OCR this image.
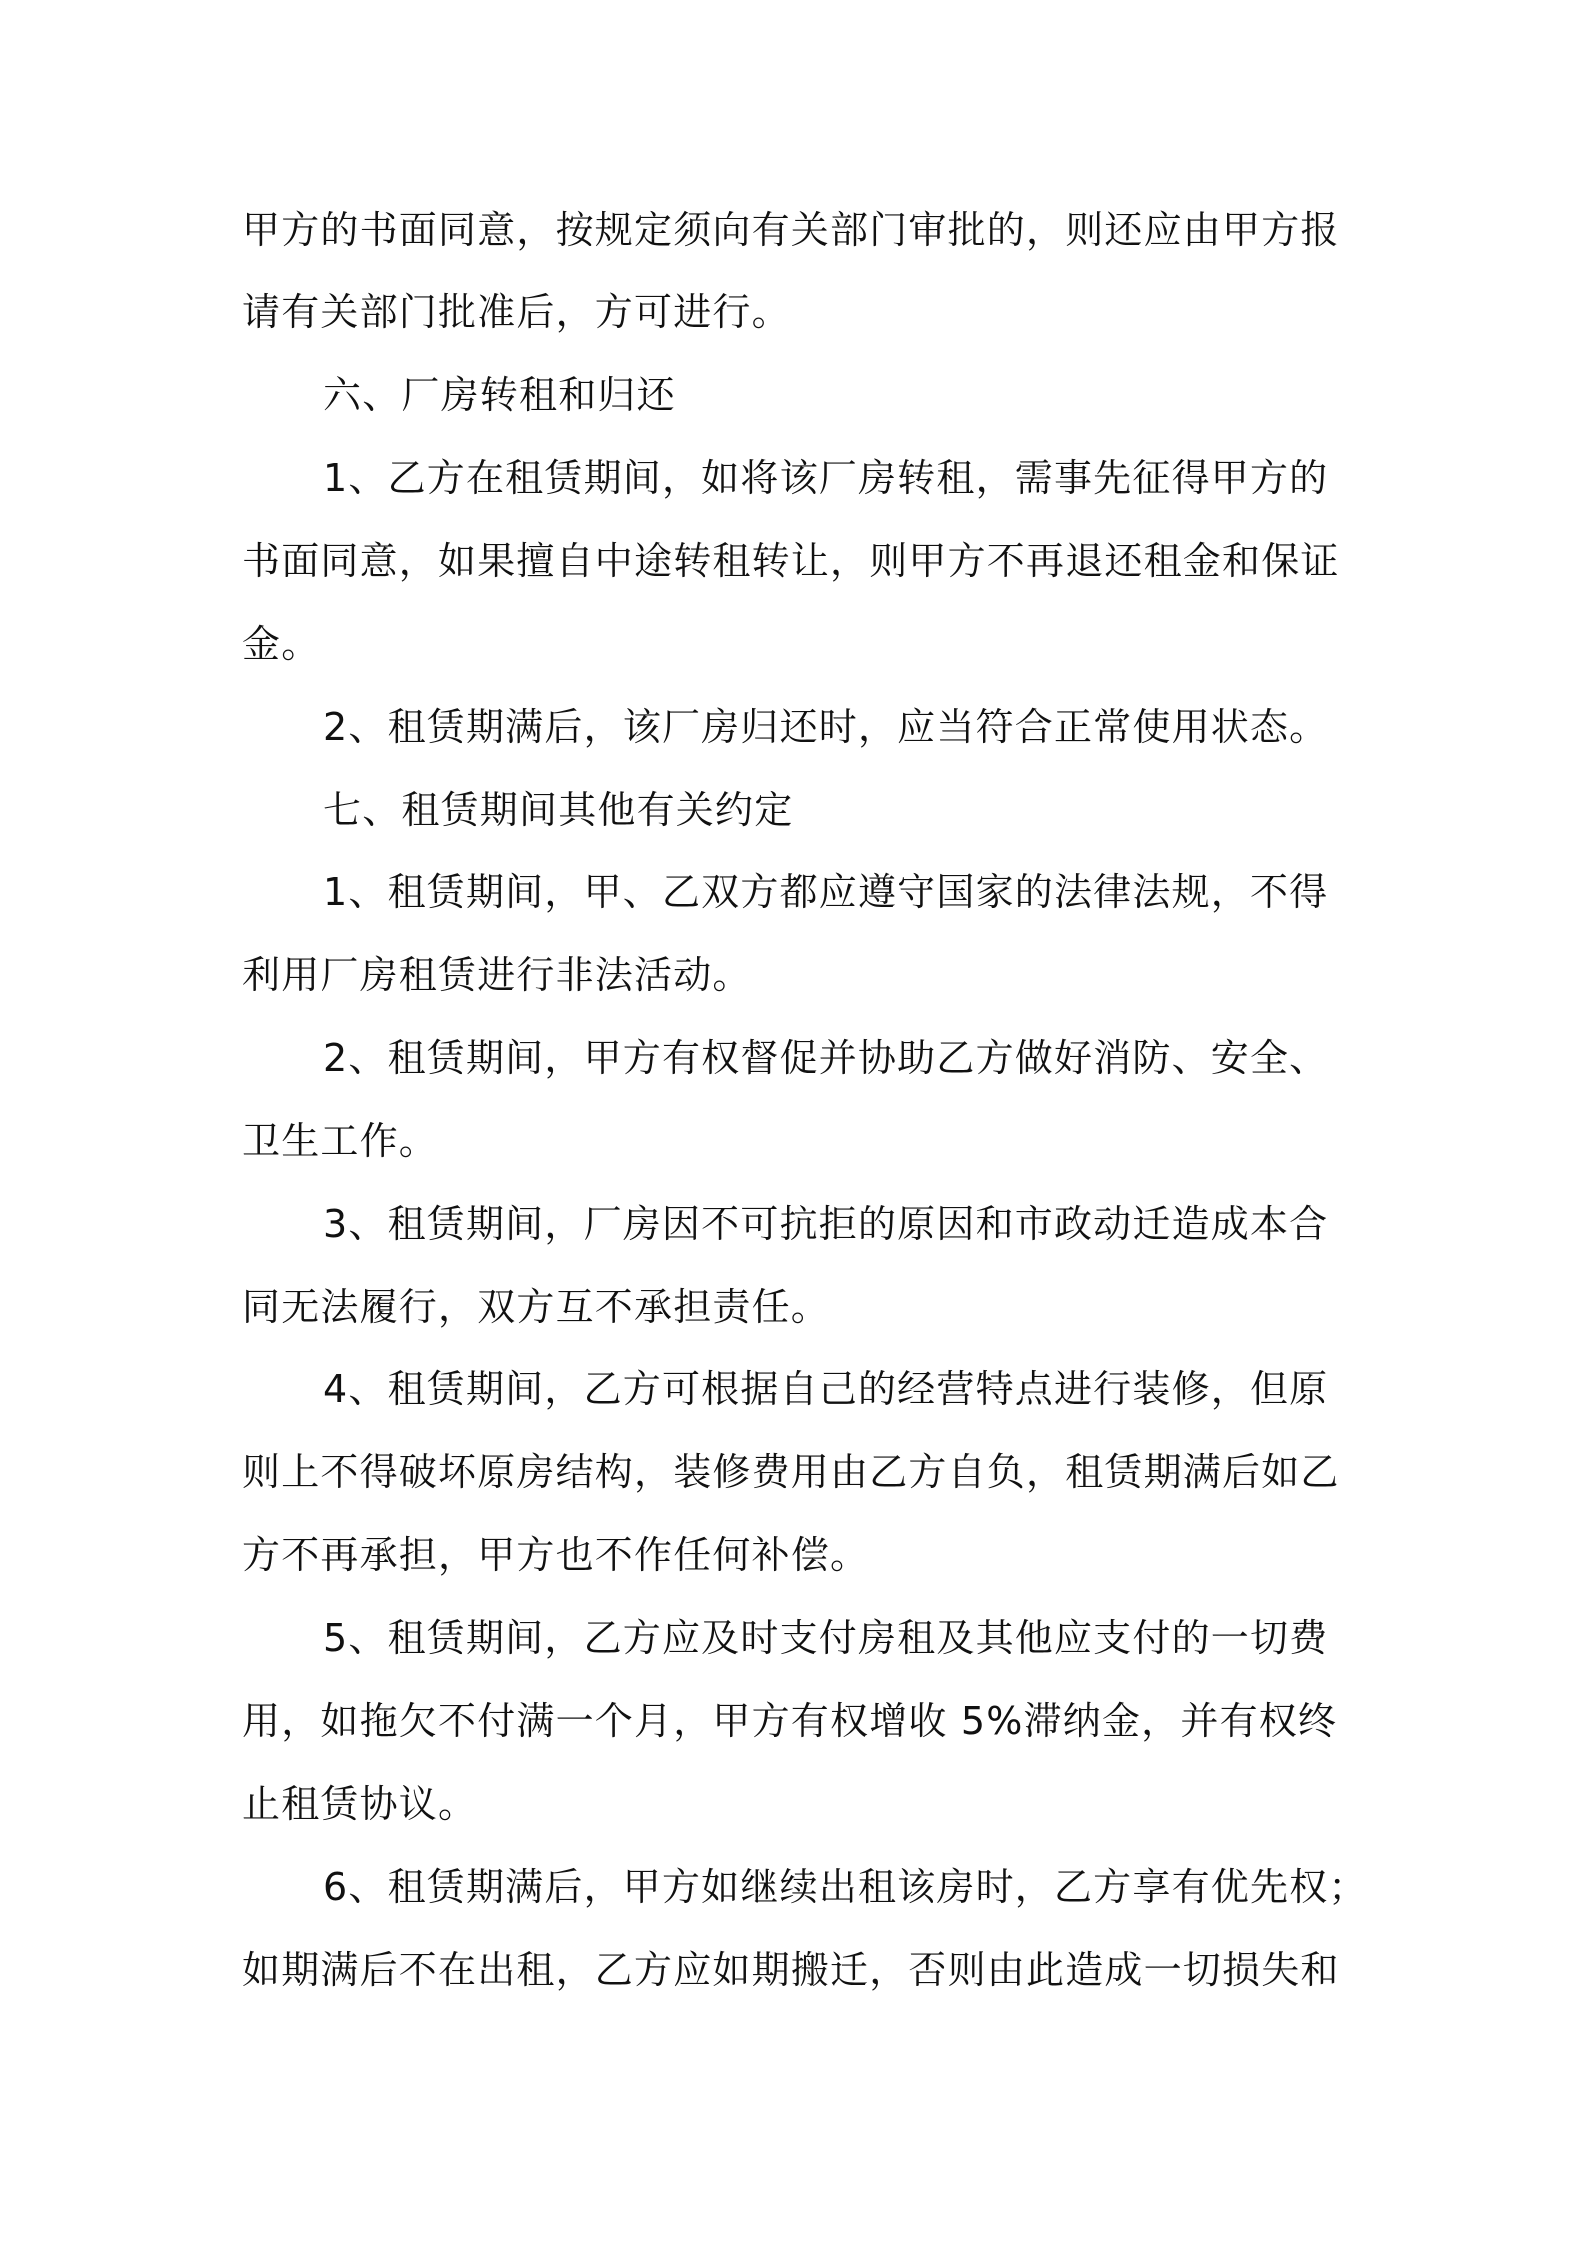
甲方的书面同意，按规定须向有关部门审批的，则还应由甲方报
请有关部门批准后，方可进行。
六、厂房转租和归还
1、乙方在租赁期间，如将该厂房转租，需事先征得甲方的
书面同意，如果擅自中途转租转让，则甲方不再退还租金和保证
金。
2、租赁期满后，该厂房归还时，应当符合正常使用状态。
七、租赁期间其他有关约定
1、租赁期间，甲、乙双方都应遵守国家的法律法规，不得
利用厂房租赁进行非法活动。
2、租赁期间，甲方有权督促并协助乙方做好消防、安全、
卫生工作。
3、租赁期间，厂房因不可抗拒的原因和市政动迁造成本合
同无法履行，双方互不承担责任。
4、租赁期间，乙方可根据自己的经营特点进行装修，但原
则上不得破坏原房结构，装修费用由乙方自负，租赁期满后如乙
方不再承担，甲方也不作任何补偿。
5、租赁期间，乙方应及时支付房租及其他应支付的一切费
用，如拖欠不付满一个月，甲方有权增收 5%滞纳金，并有权终
止租赁协议。
6、租赁期满后，甲方如继续出租该房时，乙方享有优先权；
如期满后不在出租，乙方应如期搬迁，否则由此造成一切损失和
